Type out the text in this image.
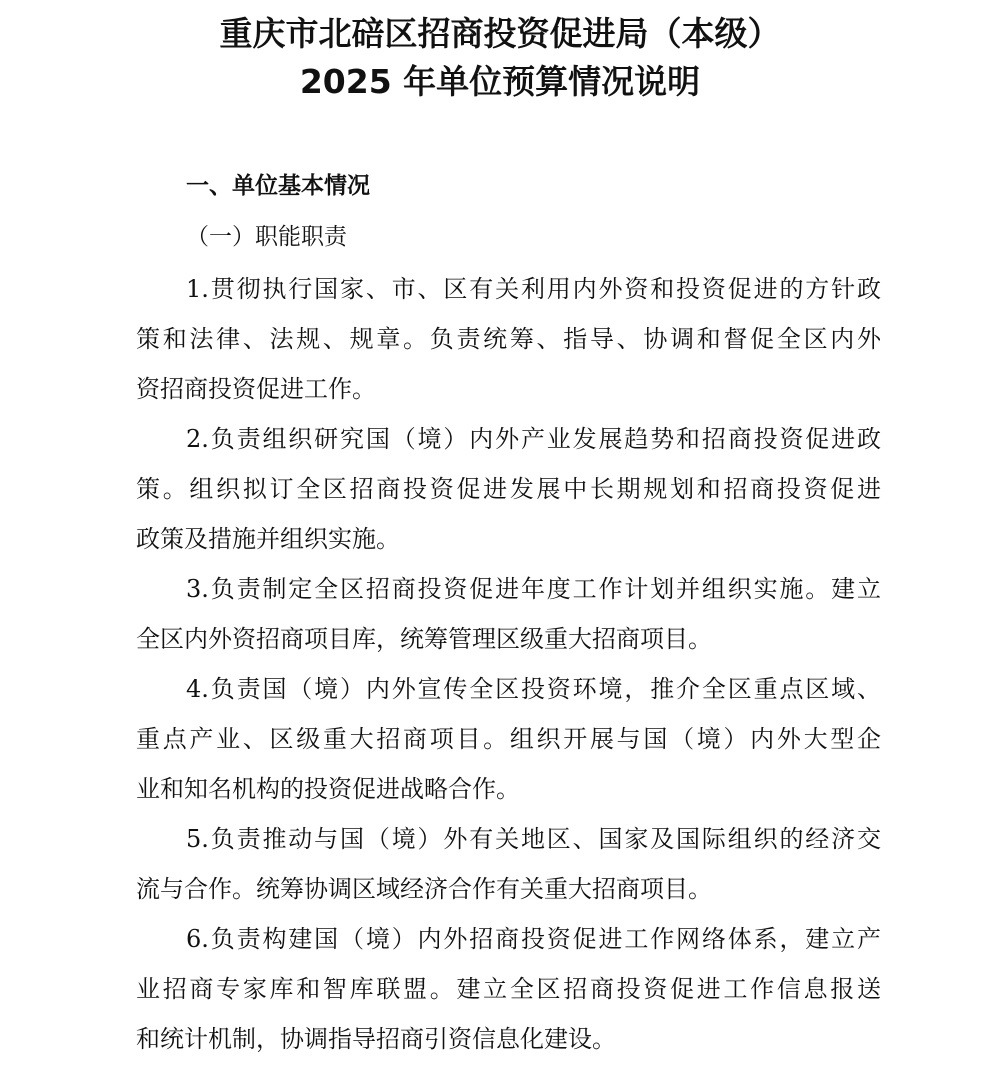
重庆市北碚区招商投资促进局（本级）
2025 年单位预算情况说明
一、单位基本情况
（一）职能职责
1.贯彻执行国家、市、区有关利用内外资和投资促进的方针政
策和法律、法规、规章。负责统筹、指导、协调和督促全区内外
资招商投资促进工作。
2.负责组织研究国（境）内外产业发展趋势和招商投资促进政
策。组织拟订全区招商投资促进发展中长期规划和招商投资促进
政策及措施并组织实施。
3.负责制定全区招商投资促进年度工作计划并组织实施。建立
全区内外资招商项目库，统筹管理区级重大招商项目。
4.负责国（境）内外宣传全区投资环境，推介全区重点区域、
重点产业、区级重大招商项目。组织开展与国（境）内外大型企
业和知名机构的投资促进战略合作。
5.负责推动与国（境）外有关地区、国家及国际组织的经济交
流与合作。统筹协调区域经济合作有关重大招商项目。
6.负责构建国（境）内外招商投资促进工作网络体系，建立产
业招商专家库和智库联盟。建立全区招商投资促进工作信息报送
和统计机制，协调指导招商引资信息化建设。
